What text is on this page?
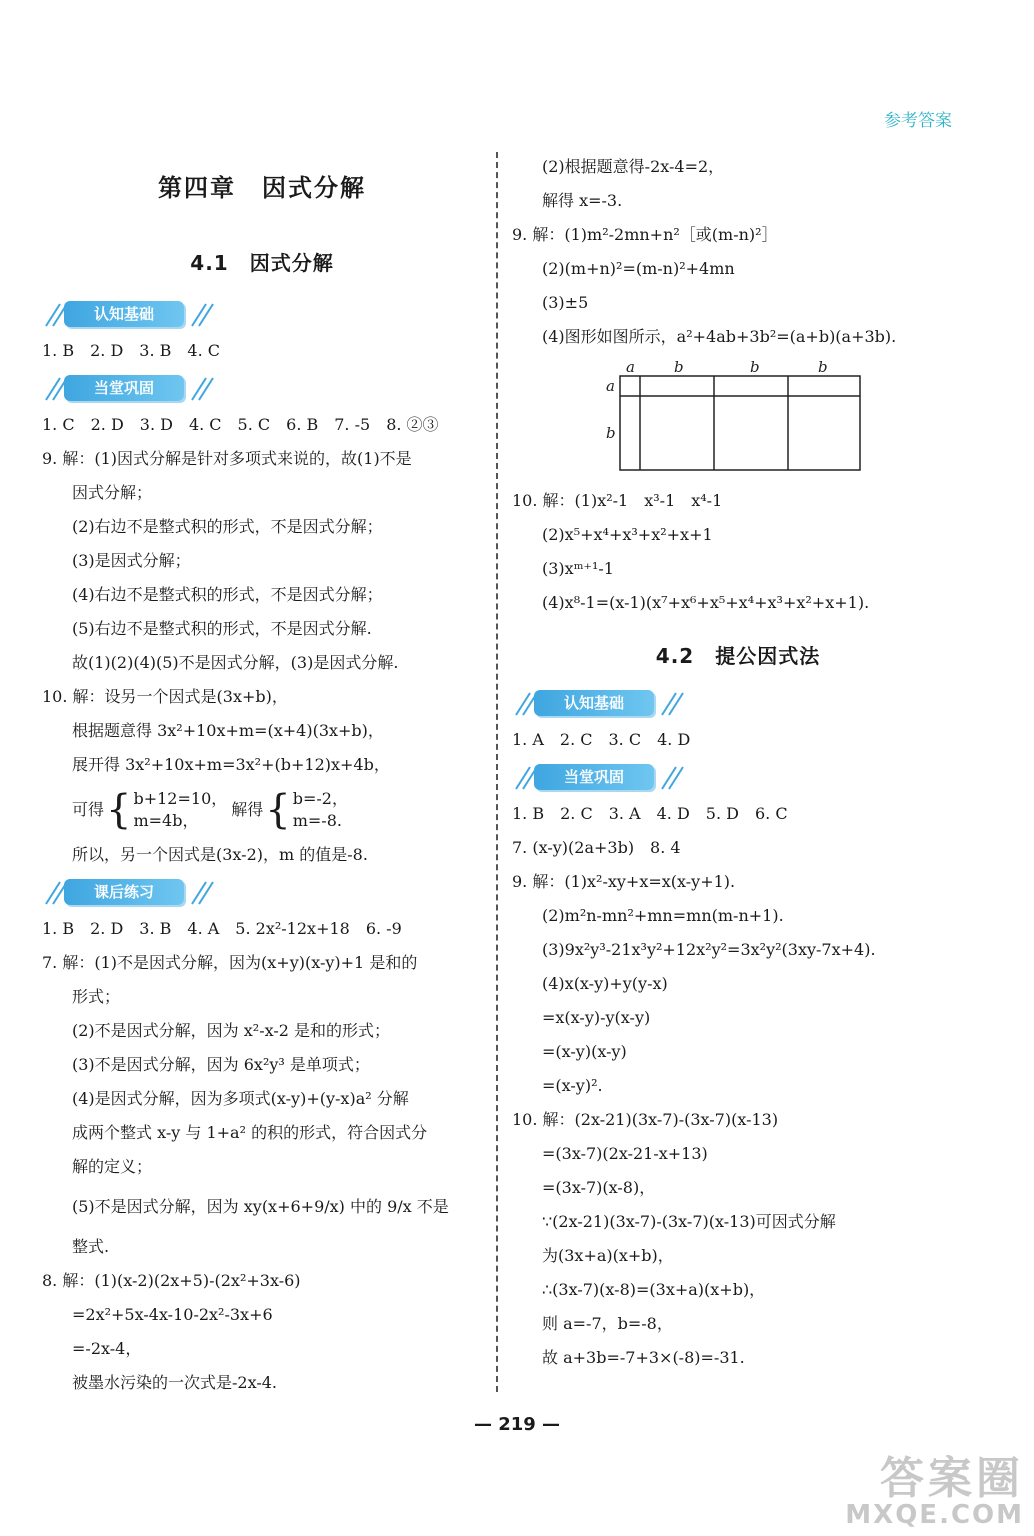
参考答案
第四章　因式分解
4.1　因式分解
认知基础
1. B　2. D　3. B　4. C
当堂巩固
1. C　2. D　3. D　4. C　5. C　6. B　7. -5　8. ②③
9. 解：(1)因式分解是针对多项式来说的，故(1)不是
因式分解；
(2)右边不是整式积的形式，不是因式分解；
(3)是因式分解；
(4)右边不是整式积的形式，不是因式分解；
(5)右边不是整式积的形式，不是因式分解.
故(1)(2)(4)(5)不是因式分解，(3)是因式分解.
10. 解：设另一个因式是(3x+b)，
根据题意得 3x²+10x+m=(x+4)(3x+b)，
展开得 3x²+10x+m=3x²+(b+12)x+4b，
可得 { b+12=10，
m=4b，
解得 { b=-2，
m=-8.
所以，另一个因式是(3x-2)，m 的值是-8.
课后练习
1. B　2. D　3. B　4. A　5. 2x²-12x+18　6. -9
7. 解：(1)不是因式分解，因为(x+y)(x-y)+1 是和的
形式；
(2)不是因式分解，因为 x²-x-2 是和的形式；
(3)不是因式分解，因为 6x²y³ 是单项式；
(4)是因式分解，因为多项式(x-y)+(y-x)a² 分解
成两个整式 x-y 与 1+a² 的积的形式，符合因式分
解的定义；
(5)不是因式分解，因为 xy(x+6+9/x) 中的 9/x 不是
整式.
8. 解：(1)(x-2)(2x+5)-(2x²+3x-6)
=2x²+5x-4x-10-2x²-3x+6
=-2x-4，
被墨水污染的一次式是-2x-4.
(2)根据题意得-2x-4=2，
解得 x=-3.
9. 解：(1)m²-2mn+n²［或(m-n)²］
(2)(m+n)²=(m-n)²+4mn
(3)±5
(4)图形如图所示，a²+4ab+3b²=(a+b)(a+3b).
a	b	b	b
a
b
10. 解：(1)x²-1　x³-1　x⁴-1
(2)x⁵+x⁴+x³+x²+x+1
(3)xᵐ⁺¹-1
(4)x⁸-1=(x-1)(x⁷+x⁶+x⁵+x⁴+x³+x²+x+1).
4.2　提公因式法
认知基础
1. A　2. C　3. C　4. D
当堂巩固
1. B　2. C　3. A　4. D　5. D　6. C
7. (x-y)(2a+3b)　8. 4
9. 解：(1)x²-xy+x=x(x-y+1).
(2)m²n-mn²+mn=mn(m-n+1).
(3)9x²y³-21x³y²+12x²y²=3x²y²(3xy-7x+4).
(4)x(x-y)+y(y-x)
=x(x-y)-y(x-y)
=(x-y)(x-y)
=(x-y)².
10. 解：(2x-21)(3x-7)-(3x-7)(x-13)
=(3x-7)(2x-21-x+13)
=(3x-7)(x-8)，
∵(2x-21)(3x-7)-(3x-7)(x-13)可因式分解
为(3x+a)(x+b)，
∴(3x-7)(x-8)=(3x+a)(x+b)，
则 a=-7，b=-8，
故 a+3b=-7+3×(-8)=-31.
— 219 —
答案圈
MXQE.COM
